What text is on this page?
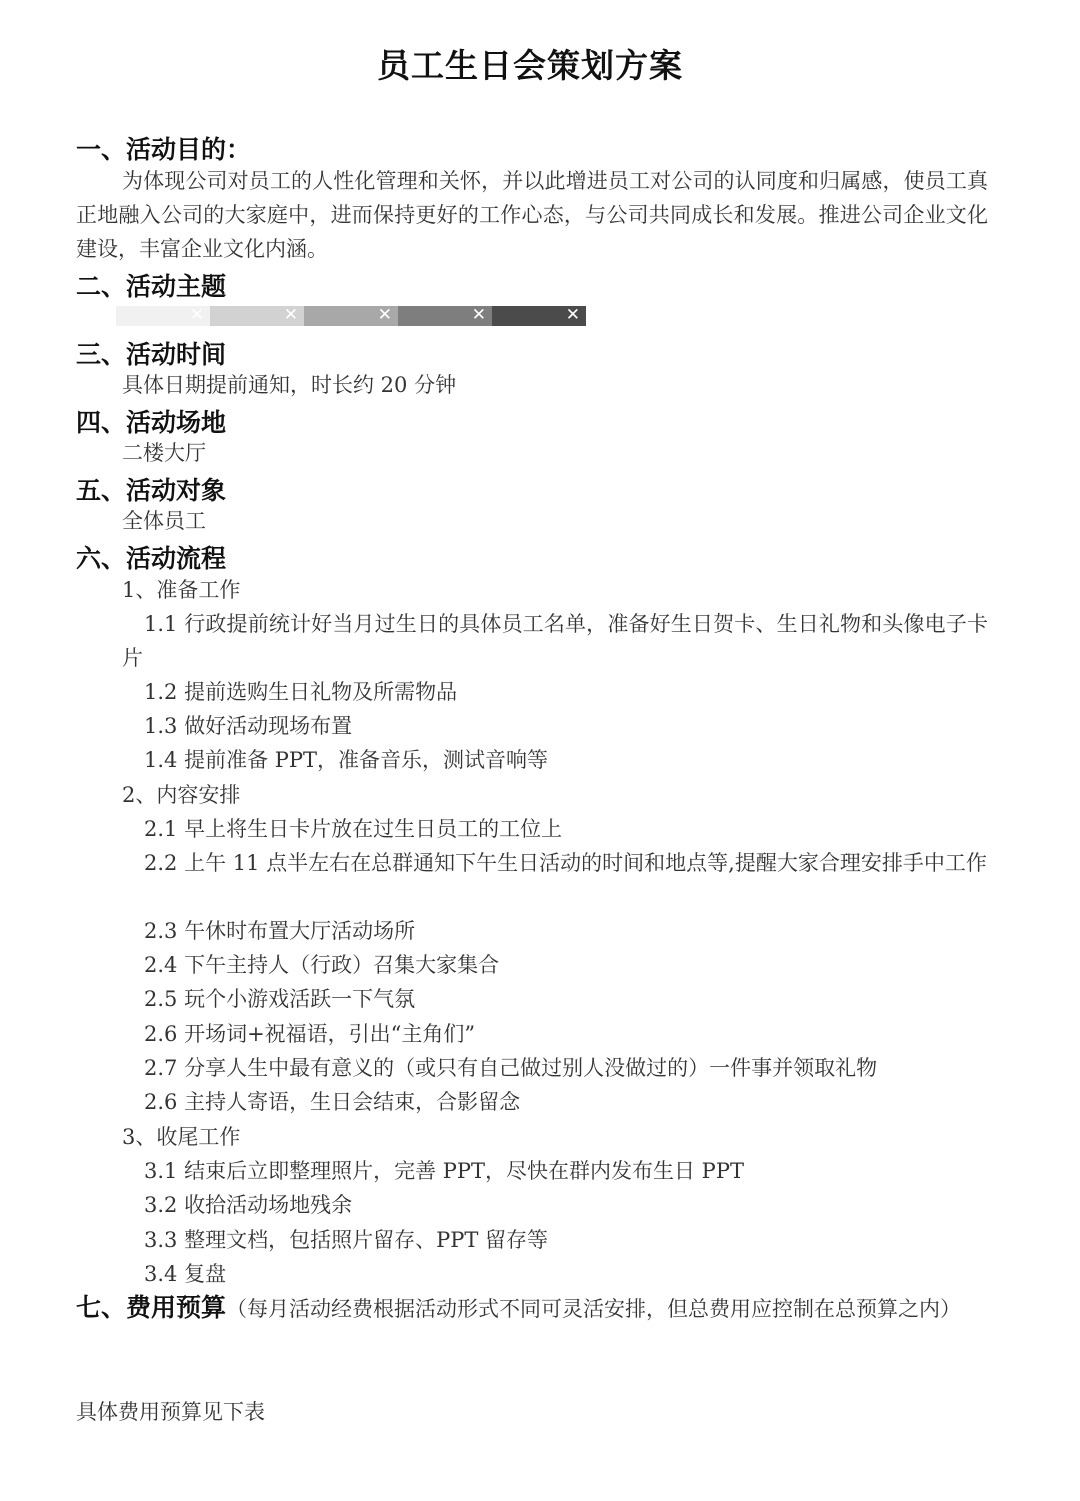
员工生日会策划方案
一、活动目的：
为体现公司对员工的人性化管理和关怀，并以此增进员工对公司的认同度和归属感，使员工真正地融入公司的大家庭中，进而保持更好的工作心态，与公司共同成长和发展。推进公司企业文化建设，丰富企业文化内涵。
二、活动主题
✕	✕	✕	✕	✕
三、活动时间
具体日期提前通知，时长约 20 分钟
四、活动场地
二楼大厅
五、活动对象
全体员工
六、活动流程
1、准备工作
1.1 行政提前统计好当月过生日的具体员工名单，准备好生日贺卡、生日礼物和头像电子卡片
1.2 提前选购生日礼物及所需物品
1.3 做好活动现场布置
1.4 提前准备 PPT，准备音乐，测试音响等
2、内容安排
2.1 早上将生日卡片放在过生日员工的工位上
2.2 上午 11 点半左右在总群通知下午生日活动的时间和地点等,提醒大家合理安排手中工作
2.3 午休时布置大厅活动场所
2.4 下午主持人（行政）召集大家集合
2.5 玩个小游戏活跃一下气氛
2.6 开场词+祝福语，引出“主角们”
2.7 分享人生中最有意义的（或只有自己做过别人没做过的）一件事并领取礼物
2.6 主持人寄语，生日会结束，合影留念
3、收尾工作
3.1 结束后立即整理照片，完善 PPT，尽快在群内发布生日 PPT
3.2 收拾活动场地残余
3.3 整理文档，包括照片留存、PPT 留存等
3.4 复盘
七、费用预算（每月活动经费根据活动形式不同可灵活安排，但总费用应控制在总预算之内）
具体费用预算见下表
